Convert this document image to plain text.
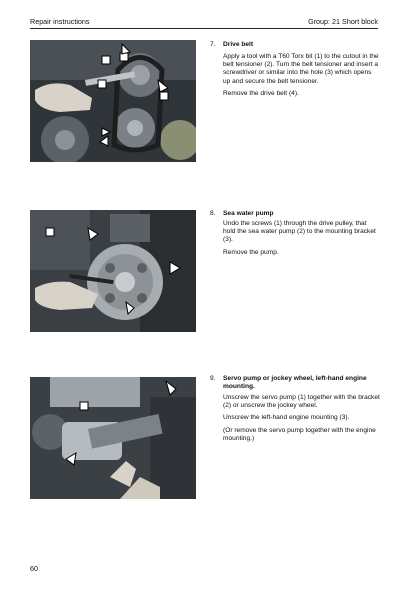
Repair instructions	Group: 21 Short block
7. Drive belt

Apply a tool with a T60 Torx bit (1) to the cutout in the belt tensioner (2). Turn the belt tensioner and insert a screwdriver or similar into the hole (3) which opens up and secure the belt tensioner.

Remove the drive belt (4).

8. Sea water pump

Undo the screws (1) through the drive pulley, that hold the sea water pump (2) to the mounting bracket (3).

Remove the pump.

9. Servo pump or jockey wheel, left-hand engine mounting.

Unscrew the servo pump (1) together with the bracket (2) or unscrew the jockey wheel.

Unscrew the left-hand engine mounting (3).

(Or remove the servo pump together with the engine mounting.)

60
